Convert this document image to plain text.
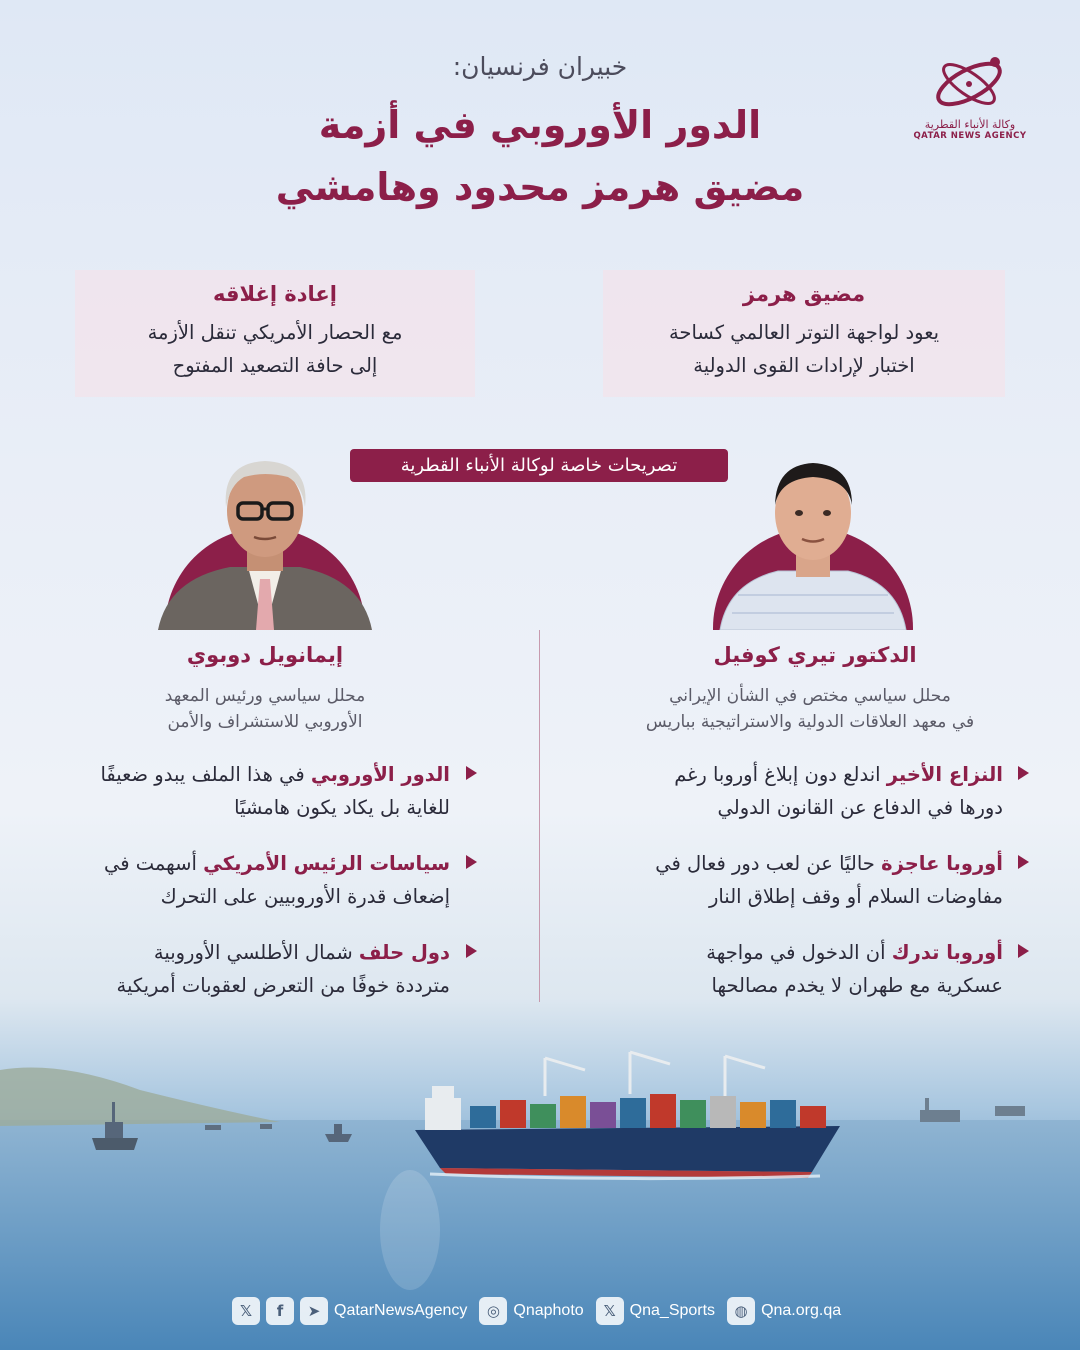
وكالة الأنباء القطرية
QATAR NEWS AGENCY
خبيران فرنسيان:
الدور الأوروبي في أزمة
مضيق هرمز محدود وهامشي
مضيق هرمز
يعود لواجهة التوتر العالمي كساحة
اختبار لإرادات القوى الدولية
إعادة إغلاقه
مع الحصار الأمريكي تنقل الأزمة
إلى حافة التصعيد المفتوح
تصريحات خاصة لوكالة الأنباء القطرية
الدكتور تيري كوفيل
محلل سياسي مختص في الشأن الإيراني
في معهد العلاقات الدولية والاستراتيجية بباريس
النزاع الأخير اندلع دون إبلاغ أوروبا رغم
دورها في الدفاع عن القانون الدولي
أوروبا عاجزة حاليًا عن لعب دور فعال في
مفاوضات السلام أو وقف إطلاق النار
أوروبا تدرك أن الدخول في مواجهة
عسكرية مع طهران لا يخدم مصالحها
إيمانويل دوبوي
محلل سياسي ورئيس المعهد
الأوروبي للاستشراف والأمن
الدور الأوروبي في هذا الملف يبدو ضعيفًا
للغاية بل يكاد يكون هامشيًا
سياسات الرئيس الأمريكي أسهمت في
إضعاف قدرة الأوروبيين على التحرك
دول حلف شمال الأطلسي الأوروبية
مترددة خوفًا من التعرض لعقوبات أمريكية
𝕏	f	➤ QatarNewsAgency	◎ Qnaphoto	𝕏 Qna_Sports	◍ Qna.org.qa
